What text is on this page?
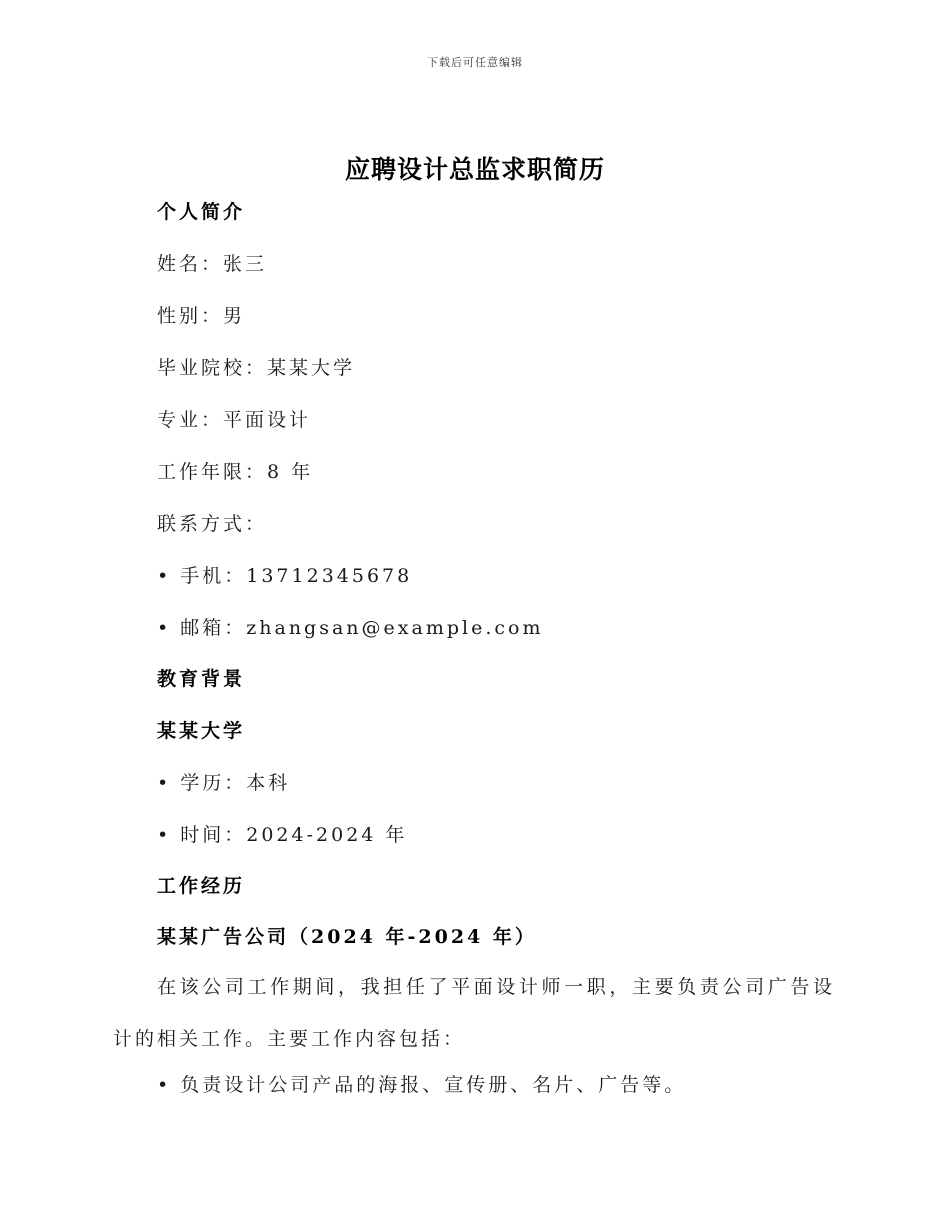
下载后可任意编辑
应聘设计总监求职简历
个人简介
姓名：张三
性别：男
毕业院校：某某大学
专业：平面设计
工作年限：8 年
联系方式：
• 手机：13712345678
• 邮箱：zhangsan@example.com
教育背景
某某大学
• 学历：本科
• 时间：2024-2024 年
工作经历
某某广告公司（2024 年-2024 年）
在该公司工作期间，我担任了平面设计师一职，主要负责公司广告设计的相关工作。主要工作内容包括：
• 负责设计公司产品的海报、宣传册、名片、广告等。
